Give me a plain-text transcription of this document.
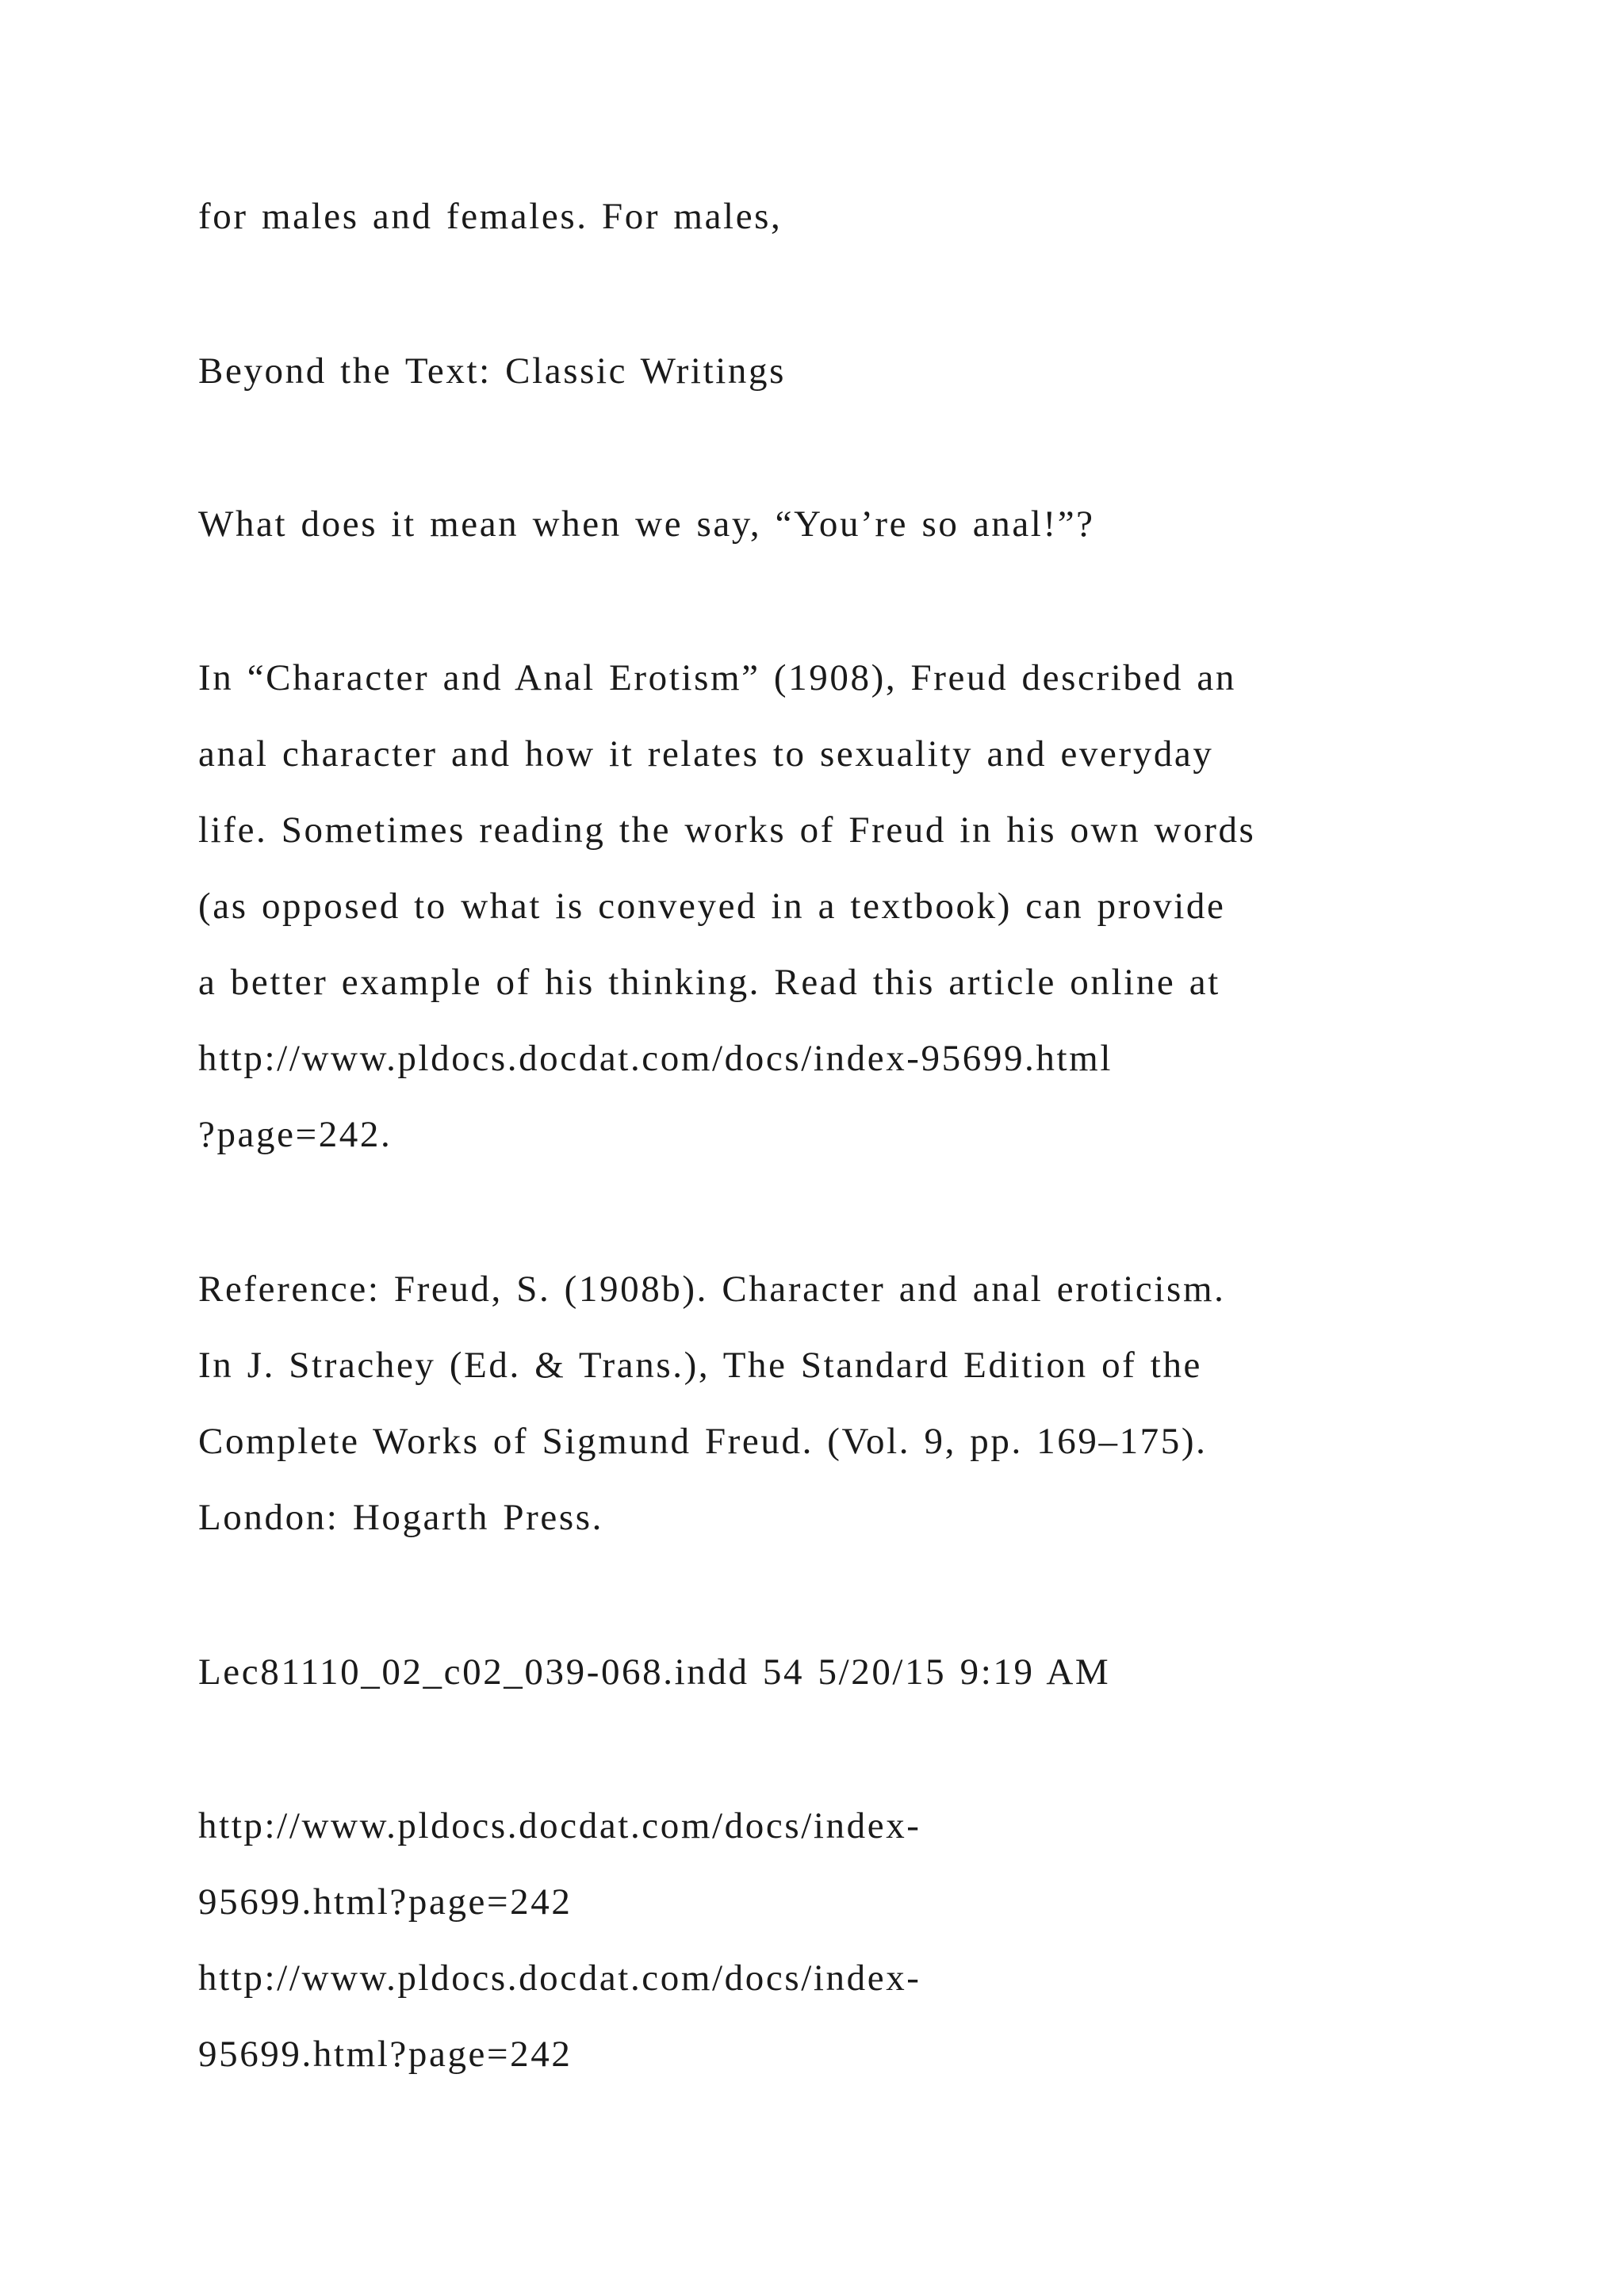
for males and females. For males,
Beyond the Text: Classic Writings
What does it mean when we say, “You’re so anal!”?
In “Character and Anal Erotism” (1908), Freud described an
anal character and how it relates to sexuality and everyday
life. Sometimes reading the works of Freud in his own words
(as opposed to what is conveyed in a textbook) can provide
a better example of his thinking. Read this article online at
http://www.pldocs.docdat.com/docs/index-95699.html
?page=242.
Reference: Freud, S. (1908b). Character and anal eroticism.
In J. Strachey (Ed. & Trans.), The Standard Edition of the
Complete Works of Sigmund Freud. (Vol. 9, pp. 169–175).
London: Hogarth Press.
Lec81110_02_c02_039-068.indd 54 5/20/15 9:19 AM
http://www.pldocs.docdat.com/docs/index-
95699.html?page=242
http://www.pldocs.docdat.com/docs/index-
95699.html?page=242
